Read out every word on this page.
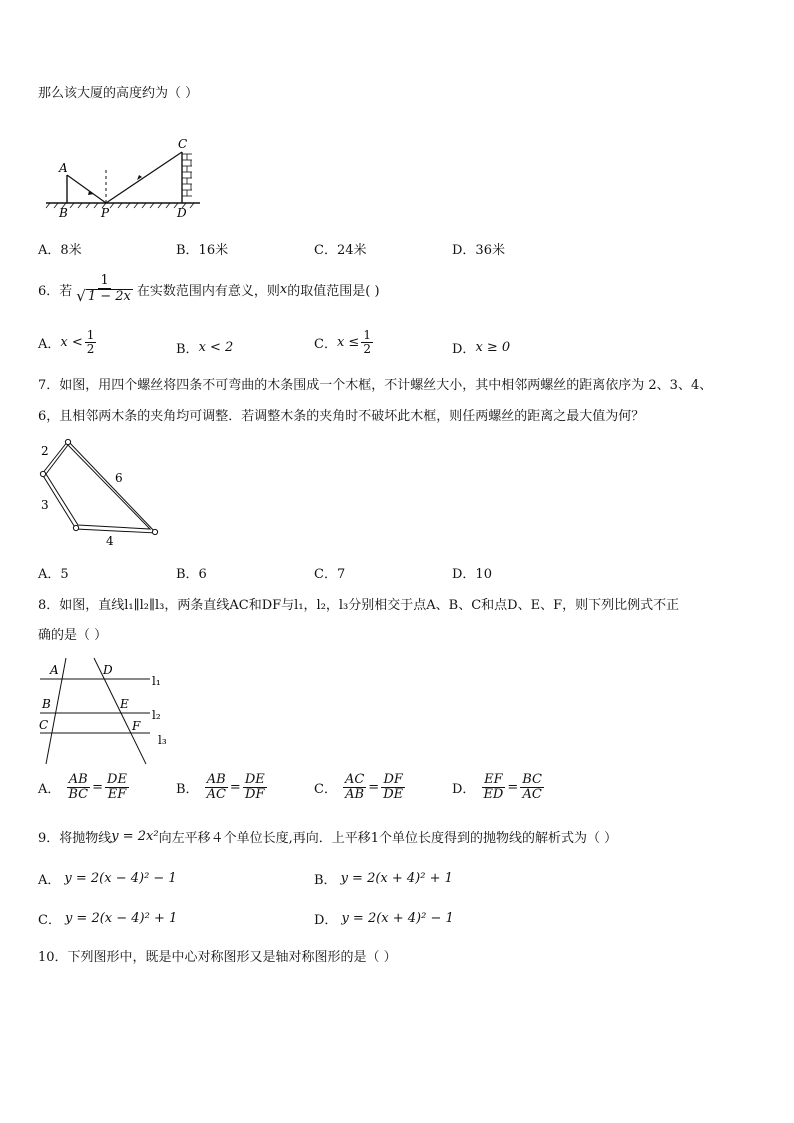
那么该大厦的高度约为（ ）
A
B	P
C
D
A．8米	B．16米	C．24米	D．36米
6．若 $\frac{1}{√ 1 - 2x}$ 在实数范围内有意义，则 x 的取值范围是( )
A． $x < \frac{1}{2}$	B． x < 2	C． $x \le \frac{1}{2}$	D． x ≥ 0
7．如图，用四个螺丝将四条不可弯曲的木条围成一个木框，不计螺丝大小，其中相邻两螺丝的距离依序为 2、3、4、
6，且相邻两木条的夹角均可调整．若调整木条的夹角时不破坏此木框，则任两螺丝的距离之最大值为何？
2
3
4
6
A．5	B．6	C．7	D．10
8．如图，直线l₁∥l₂∥l₃，两条直线AC和DF与l₁，l₂，l₃分别相交于点A、B、C和点D、E、F，则下列比例式不正
确的是（ ）
A	D
B	E
C	F
l₁
l₂
l₃
A． $\frac{AB}{BC} = \frac{DE}{EF}$	B． $\frac{AB}{AC} = \frac{DE}{DF}$	C． $\frac{AC}{AB} = \frac{DF}{DE}$	D． $\frac{EF}{ED} = \frac{BC}{AC}$
9．将抛物线 y = 2x² 向左平移４个单位长度,再向．上平移1个单位长度得到的抛物线的解析式为（ ）
A． y = 2(x − 4)² − 1	B． y = 2(x + 4)² + 1
C． y = 2(x − 4)² + 1	D． y = 2(x + 4)² − 1
10．下列图形中，既是中心对称图形又是轴对称图形的是（ ）
